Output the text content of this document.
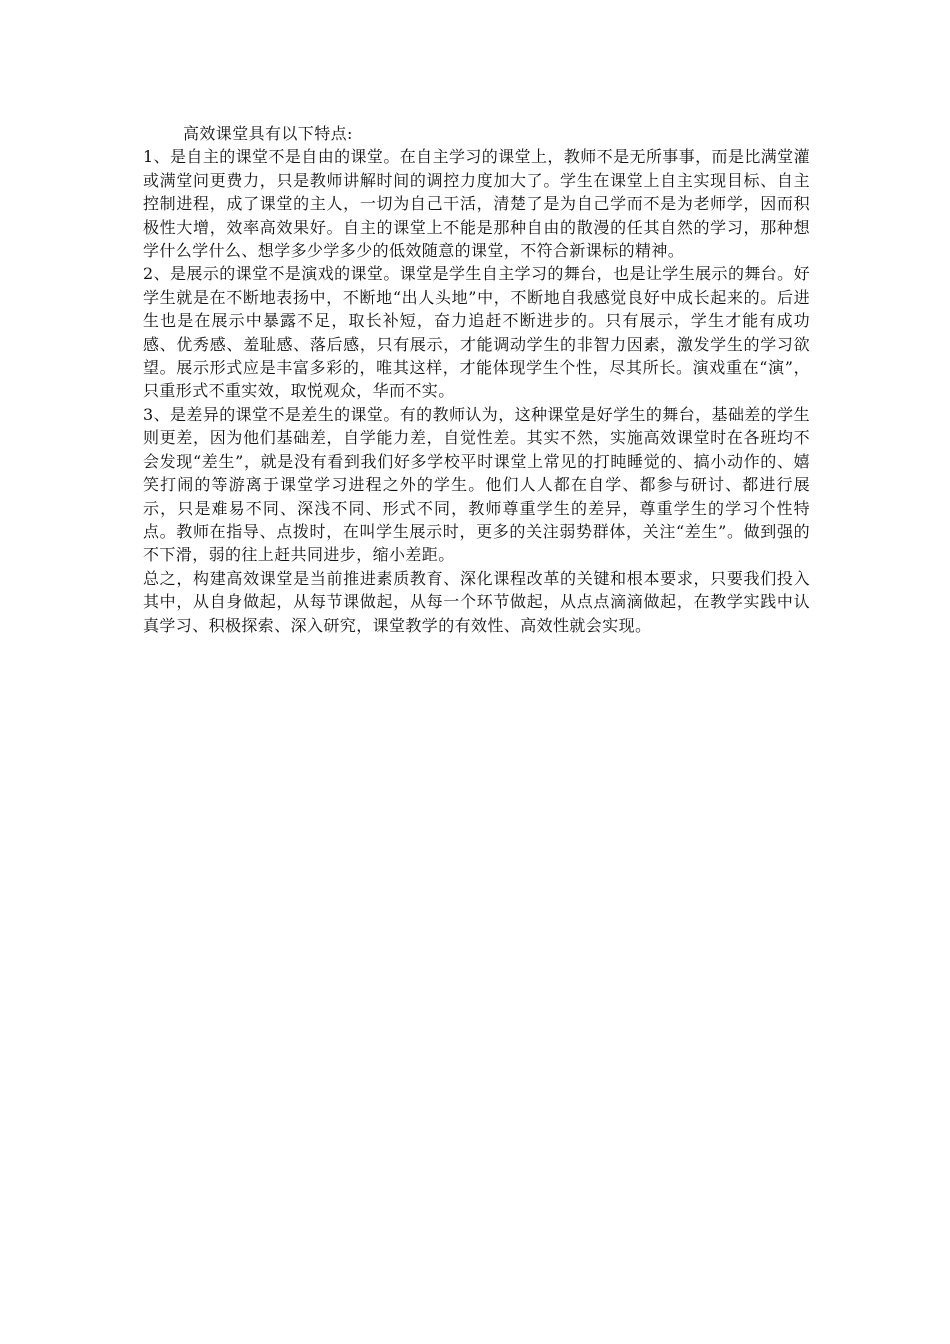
高效课堂具有以下特点:

1、是自主的课堂不是自由的课堂。在自主学习的课堂上，教师不是无所事事，而是比满堂灌或满堂问更费力，只是教师讲解时间的调控力度加大了。学生在课堂上自主实现目标、自主控制进程，成了课堂的主人，一切为自己干活，清楚了是为自己学而不是为老师学，因而积极性大增，效率高效果好。自主的课堂上不能是那种自由的散漫的任其自然的学习，那种想学什么学什么、想学多少学多少的低效随意的课堂，不符合新课标的精神。

2、是展示的课堂不是演戏的课堂。课堂是学生自主学习的舞台，也是让学生展示的舞台。好学生就是在不断地表扬中，不断地“出人头地”中，不断地自我感觉良好中成长起来的。后进生也是在展示中暴露不足，取长补短，奋力追赶不断进步的。只有展示，学生才能有成功感、优秀感、羞耻感、落后感，只有展示，才能调动学生的非智力因素，激发学生的学习欲望。展示形式应是丰富多彩的，唯其这样，才能体现学生个性，尽其所长。演戏重在“演”，只重形式不重实效，取悦观众，华而不实。

3、是差异的课堂不是差生的课堂。有的教师认为，这种课堂是好学生的舞台，基础差的学生则更差，因为他们基础差，自学能力差，自觉性差。其实不然，实施高效课堂时在各班均不会发现“差生”，就是没有看到我们好多学校平时课堂上常见的打盹睡觉的、搞小动作的、嬉笑打闹的等游离于课堂学习进程之外的学生。他们人人都在自学、都参与研讨、都进行展示，只是难易不同、深浅不同、形式不同，教师尊重学生的差异，尊重学生的学习个性特点。教师在指导、点拨时，在叫学生展示时，更多的关注弱势群体，关注“差生”。做到强的不下滑，弱的往上赶共同进步，缩小差距。

总之，构建高效课堂是当前推进素质教育、深化课程改革的关键和根本要求，只要我们投入其中，从自身做起，从每节课做起，从每一个环节做起，从点点滴滴做起，在教学实践中认真学习、积极探索、深入研究，课堂教学的有效性、高效性就会实现。
